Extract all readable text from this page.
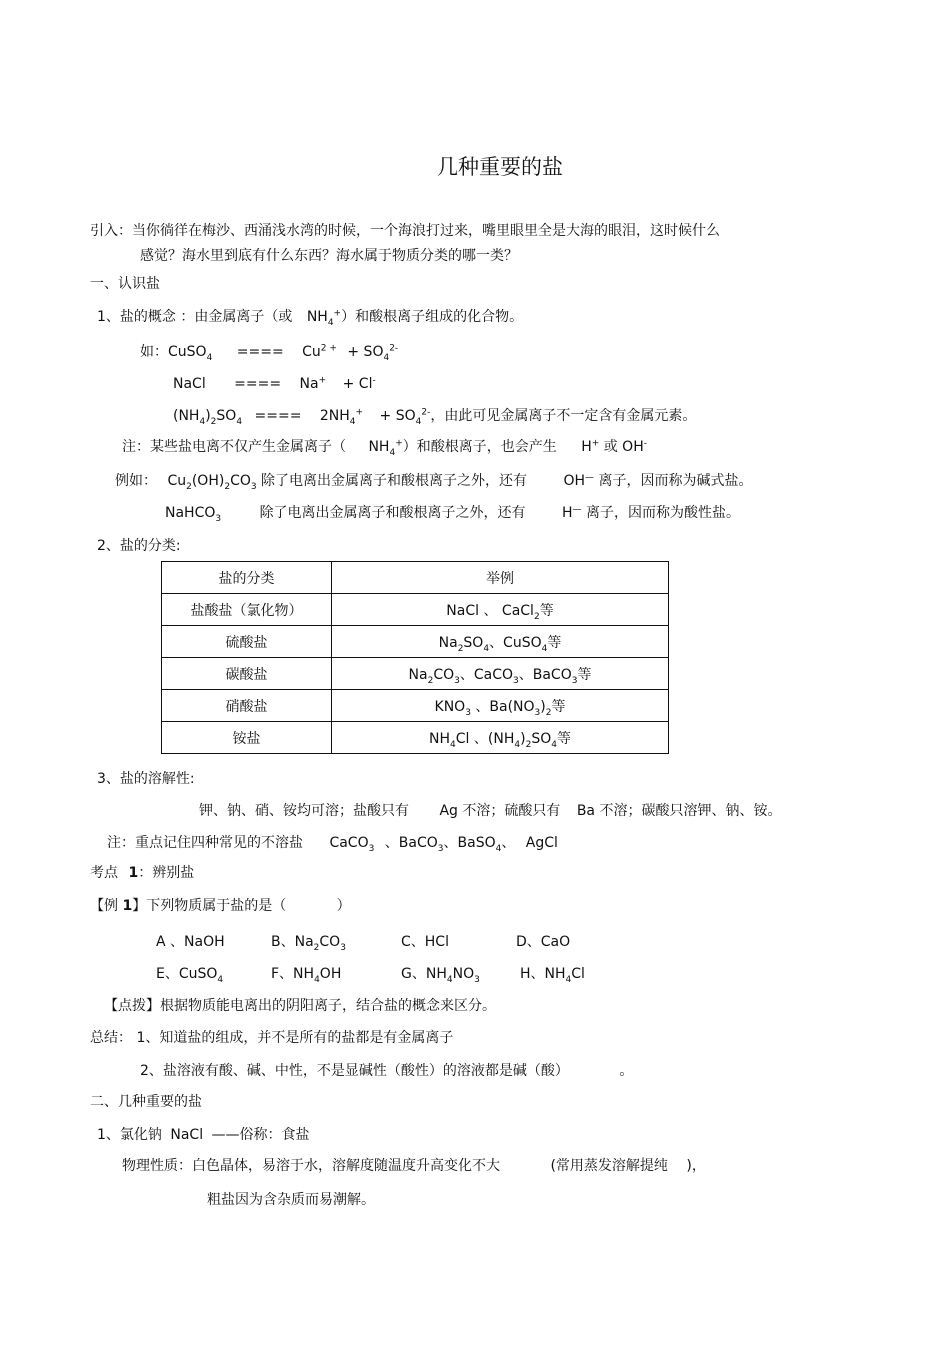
几种重要的盐
引入：当你徜徉在梅沙、西涌浅水湾的时候，一个海浪打过来，嘴里眼里全是大海的眼泪，这时候什么
感觉？海水里到底有什么东西？海水属于物质分类的哪一类？
一、认识盐
1、盐的概念 ：由金属离子（或 $NH_4^+$）和酸根离子组成的化合物。
如：CuSO$_4$ ==== $Cu^{2 +} + SO_4^{2-}$
NaCl ==== Na+ + Cl-
$(NH_4)_2SO_4$ ==== $2NH_4^+ + SO_4^{2-}$，由此可见金属离子不一定含有金属元素。
注：某些盐电离不仅产生金属离子（ $NH_4^+$）和酸根离子，也会产生 H+ 或 OH-
例如： $Cu_2(OH)_2CO_3$ 除了电离出金属离子和酸根离子之外，还有	OH— 离子，因而称为碱式盐。
NaHCO$_3$	除了电离出金属离子和酸根离子之外，还有	H— 离子，因而称为酸性盐。
2、盐的分类:
盐的分类	举例
盐酸盐（氯化物）	NaCl 、 CaCl$_2$等
硫酸盐	$Na_2SO_4$、CuSO$_4$等
碳酸盐	$Na_2CO_3$、CaCO$_3$、BaCO$_3$等
硝酸盐	$KNO_3$ 、$Ba(NO_3)_2$等
铵盐	$NH_4Cl$ 、$(NH_4)_2SO_4$等
3、盐的溶解性:
钾、钠、硝、铵均可溶；盐酸只有 Ag 不溶；硫酸只有 Ba 不溶；碳酸只溶钾、钠、铵。
注：重点记住四种常见的不溶盐 CaCO$_3$ 、BaCO$_3$、BaSO$_4$、 AgCl
考点 1：辨别盐
【例 1】下列物质属于盐的是（	）
A 、NaOH	B、$Na_2CO_3$	C、HCl	D、CaO
E、CuSO$_4$	F、$NH_4OH$	G、$NH_4NO_3$	H、$NH_4Cl$
【点拨】根据物质能电离出的阴阳离子，结合盐的概念来区分。
总结： 1、知道盐的组成，并不是所有的盐都是有金属离子
2、盐溶液有酸、碱、中性，不是显碱性（酸性）的溶液都是碱（酸）	。
二、几种重要的盐
1、氯化钠 NaCl ——俗称：食盐
物理性质：白色晶体，易溶于水，溶解度随温度升高变化不大	(常用蒸发溶解提纯 )，
粗盐因为含杂质而易潮解。
